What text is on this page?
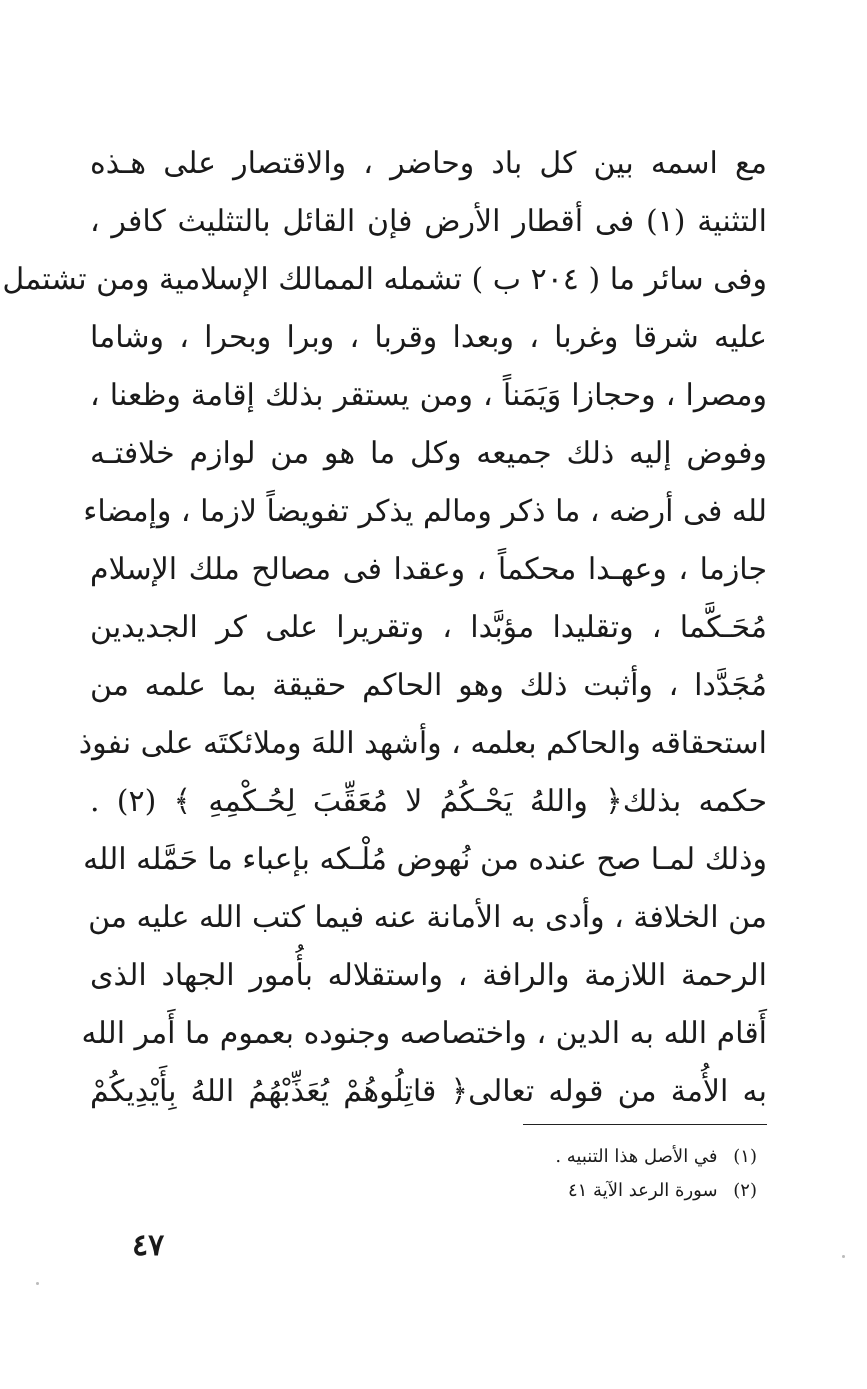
مع اسمه بين كل باد وحاضر ، والاقتصار على هـذه
التثنية (١) فى أقطار الأرض فإن القائل بالتثليث كافر ،
وفى سائر ما ( ٢٠٤ ب ) تشمله الممالك الإسلامية ومن تشتمل
عليه شرقا وغربا ، وبعدا وقربا ، وبرا وبحرا ، وشاما
ومصرا ، وحجازا وَيَمَناً ، ومن يستقر بذلك إقامة وظعنا ،
وفوض إليه ذلك جميعه وكل ما هو من لوازم خلافتـه
لله فى أرضه ، ما ذكر ومالم يذكر تفويضاً لازما ، وإمضاء
جازما ، وعهـدا محكماً ، وعقدا فى مصالح ملك الإسلام
مُحَـكَّما ، وتقليدا مؤبَّدا ، وتقريرا على كر الجديدين
مُجَدَّدا ، وأثبت ذلك وهو الحاكم حقيقة بما علمه من
استحقاقه والحاكم بعلمه ، وأشهد اللهَ وملائكتَه على نفوذ
حكمه بذلك﴿ واللهُ يَحْـكُمُ لا مُعَقِّبَ لِحُـكْمِهِ ﴾ (٢) .
وذلك لمـا صح عنده من نُهوض مُلْـكه بإعباء ما حَمَّله الله
من الخلافة ، وأدى به الأمانة عنه فيما كتب الله عليه من
الرحمة اللازمة والرافة ، واستقلاله بأُمور الجهاد الذى
أَقام الله به الدين ، واختصاصه وجنوده بعموم ما أَمر الله
به الأُمة من قوله تعالى﴿ قاتِلُوهُمْ يُعَذِّبْهُمُ اللهُ بِأَيْدِيكُمْ
(١) في الأصل هذا التنبيه .
(٢) سورة الرعد الآية ٤١
٤٧
